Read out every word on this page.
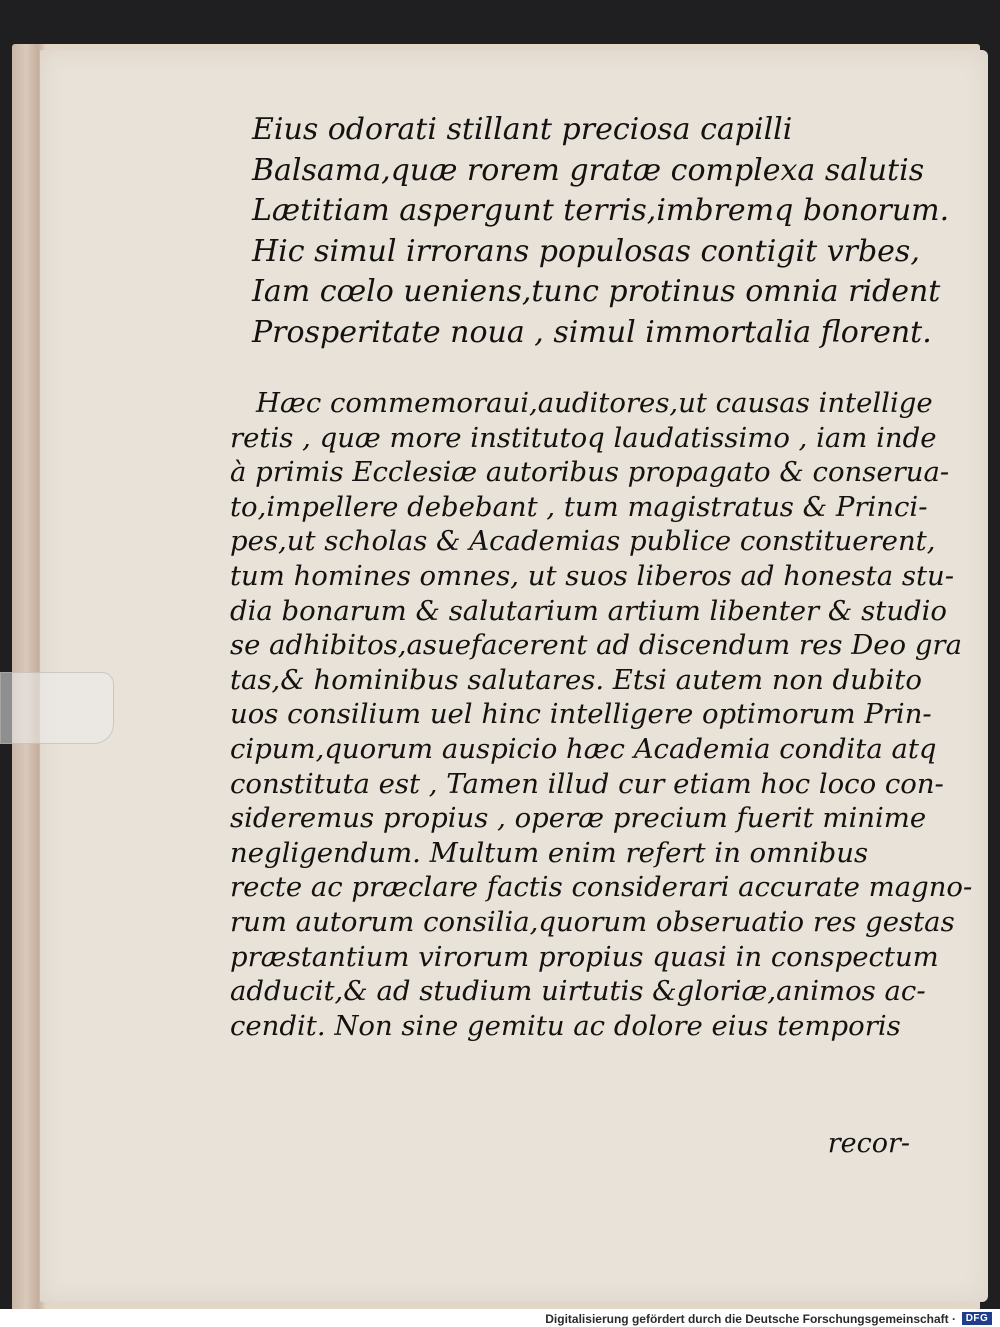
Eius odorati stillant preciosa capilli
Balsama,quæ rorem gratæ complexa salutis
Lætitiam aspergunt terris,imbremq bonorum.
Hic simul irrorans populosas contigit vrbes,
Iam cœlo ueniens,tunc protinus omnia rident
Prosperitate noua , simul immortalia florent.
Hæc commemoraui,auditores,ut causas intellige
retis , quæ more institutoq laudatissimo , iam inde
à primis Ecclesiæ autoribus propagato & conserua-
to,impellere debebant , tum magistratus & Princi-
pes,ut scholas & Academias publice constituerent,
tum homines omnes, ut suos liberos ad honesta stu-
dia bonarum & salutarium artium libenter & studio
se adhibitos,asuefacerent ad discendum res Deo gra
tas,& hominibus salutares. Etsi autem non dubito
uos consilium uel hinc intelligere optimorum Prin-
cipum,quorum auspicio hæc Academia condita atq
constituta est , Tamen illud cur etiam hoc loco con-
sideremus propius , operæ precium fuerit minime
negligendum. Multum enim refert in omnibus
recte ac præclare factis considerari accurate magno-
rum autorum consilia,quorum obseruatio res gestas
præstantium virorum propius quasi in conspectum
adducit,& ad studium uirtutis &gloriæ,animos ac-
cendit. Non sine gemitu ac dolore eius temporis
recor-
Digitalisierung gefördert durch die Deutsche Forschungsgemeinschaft · DFG
